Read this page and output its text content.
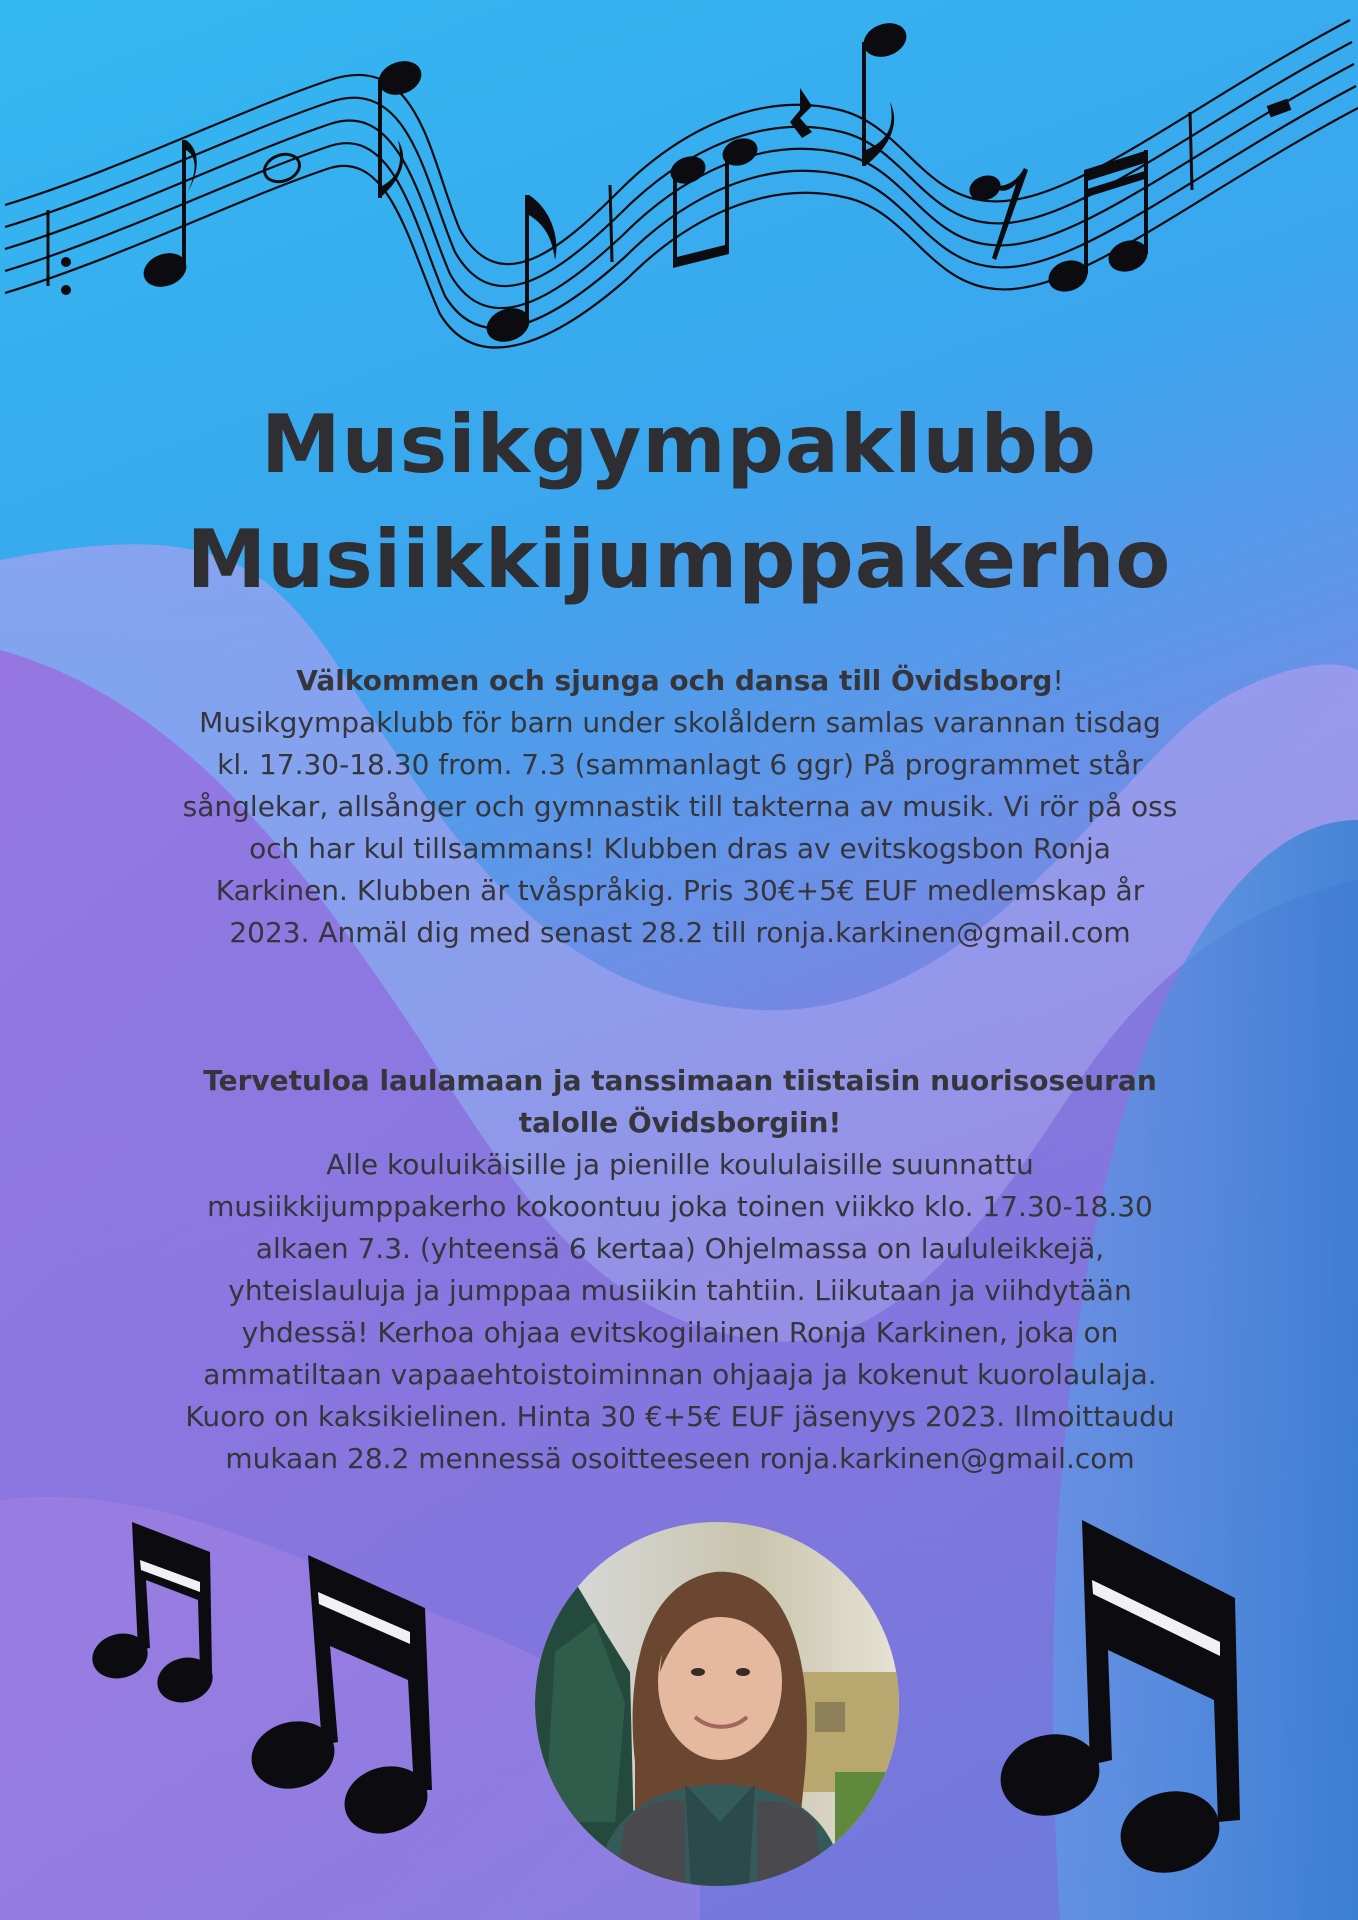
Musikgympaklubb
Musiikkijumppakerho
Välkommen och sjunga och dansa till Övidsborg!
Musikgympaklubb för barn under skolåldern samlas varannan tisdag
kl. 17.30-18.30 from. 7.3 (sammanlagt 6 ggr) På programmet står
sånglekar, allsånger och gymnastik till takterna av musik. Vi rör på oss
och har kul tillsammans! Klubben dras av evitskogsbon Ronja
Karkinen. Klubben är tvåspråkig. Pris 30€+5€ EUF medlemskap år
2023. Anmäl dig med senast 28.2 till ronja.karkinen@gmail.com
Tervetuloa laulamaan ja tanssimaan tiistaisin nuorisoseuran
talolle Övidsborgiin!
Alle kouluikäisille ja pienille koululaisille suunnattu
musiikkijumppakerho kokoontuu joka toinen viikko klo. 17.30-18.30
alkaen 7.3. (yhteensä 6 kertaa) Ohjelmassa on laululeikkejä,
yhteislauluja ja jumppaa musiikin tahtiin. Liikutaan ja viihdytään
yhdessä! Kerhoa ohjaa evitskogilainen Ronja Karkinen, joka on
ammatiltaan vapaaehtoistoiminnan ohjaaja ja kokenut kuorolaulaja.
Kuoro on kaksikielinen. Hinta 30 €+5€ EUF jäsenyys 2023. Ilmoittaudu
mukaan 28.2 mennessä osoitteeseen ronja.karkinen@gmail.com
